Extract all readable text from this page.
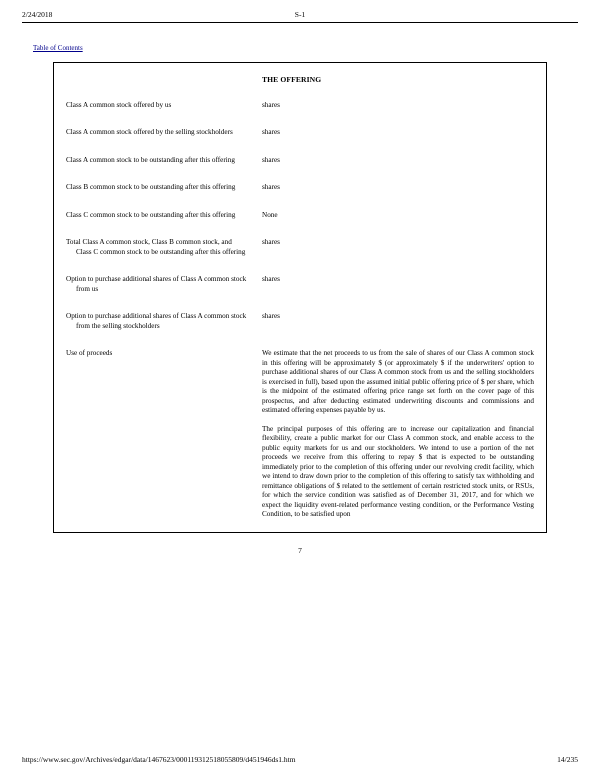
2/24/2018	S-1
Table of Contents
	THE OFFERING

Class A common stock offered by us	shares

Class A common stock offered by the selling stockholders	shares

Class A common stock to be outstanding after this offering	shares

Class B common stock to be outstanding after this offering	shares

Class C common stock to be outstanding after this offering	None

Total Class A common stock, Class B common stock, and Class C common stock to be outstanding after this offering	shares

Option to purchase additional shares of Class A common stock from us	shares

Option to purchase additional shares of Class A common stock from the selling stockholders	shares

Use of proceeds	We estimate that the net proceeds to us from the sale of shares of our Class A common stock in this offering will be approximately $ (or approximately $ if the underwriters' option to purchase additional shares of our Class A common stock from us and the selling stockholders is exercised in full), based upon the assumed initial public offering price of $ per share, which is the midpoint of the estimated offering price range set forth on the cover page of this prospectus, and after deducting estimated underwriting discounts and commissions and estimated offering expenses payable by us.

The principal purposes of this offering are to increase our capitalization and financial flexibility, create a public market for our Class A common stock, and enable access to the public equity markets for us and our stockholders. We intend to use a portion of the net proceeds we receive from this offering to repay $ that is expected to be outstanding immediately prior to the completion of this offering under our revolving credit facility, which we intend to draw down prior to the completion of this offering to satisfy tax withholding and remittance obligations of $ related to the settlement of certain restricted stock units, or RSUs, for which the service condition was satisfied as of December 31, 2017, and for which we expect the liquidity event-related performance vesting condition, or the Performance Vesting Condition, to be satisfied upon

7
https://www.sec.gov/Archives/edgar/data/1467623/000119312518055809/d451946ds1.htm	14/235
